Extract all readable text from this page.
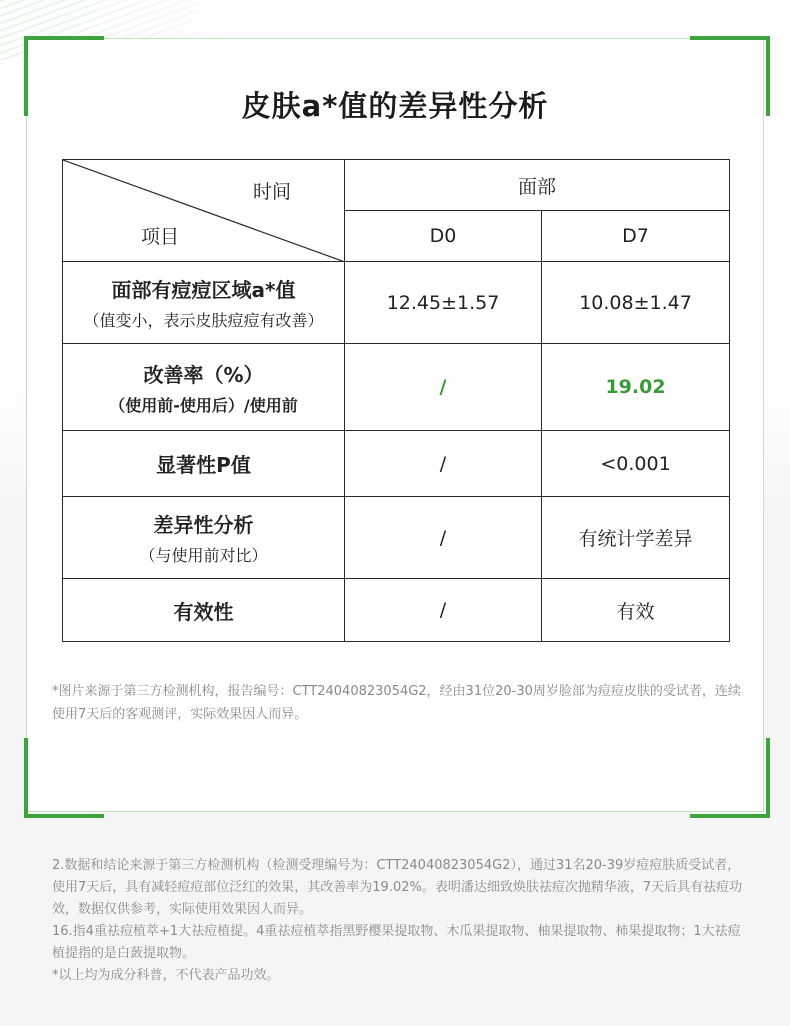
皮肤a*值的差异性分析
时间
项目	面部	
	D0	D7

面部有痘痘区域a*值
（值变小，表示皮肤痘痘有改善）	12.45±1.57	10.08±1.47

改善率（%）
（使用前-使用后）/使用前	/	19.02

显著性P值	/	<0.001

差异性分析
（与使用前对比）	/	有统计学差异

有效性	/	有效
*图片来源于第三方检测机构，报告编号：CTT24040823054G2，经由31位20-30周岁脸部为痘痘皮肤的受试者，连续使用7天后的客观测评，实际效果因人而异。

2.数据和结论来源于第三方检测机构（检测受理编号为：CTT24040823054G2），通过31名20-39岁痘痘肤质受试者，使用7天后，具有减轻痘痘部位泛红的效果，其改善率为19.02%。表明潘达细致焕肤祛痘次抛精华液，7天后具有祛痘功效，数据仅供参考，实际使用效果因人而异。

16.指4重祛痘植萃+1大祛痘植提。4重祛痘植萃指黑野樱果提取物、木瓜果提取物、柚果提取物、柿果提取物；1大祛痘植提指的是白蔹提取物。

*以上均为成分科普，不代表产品功效。
